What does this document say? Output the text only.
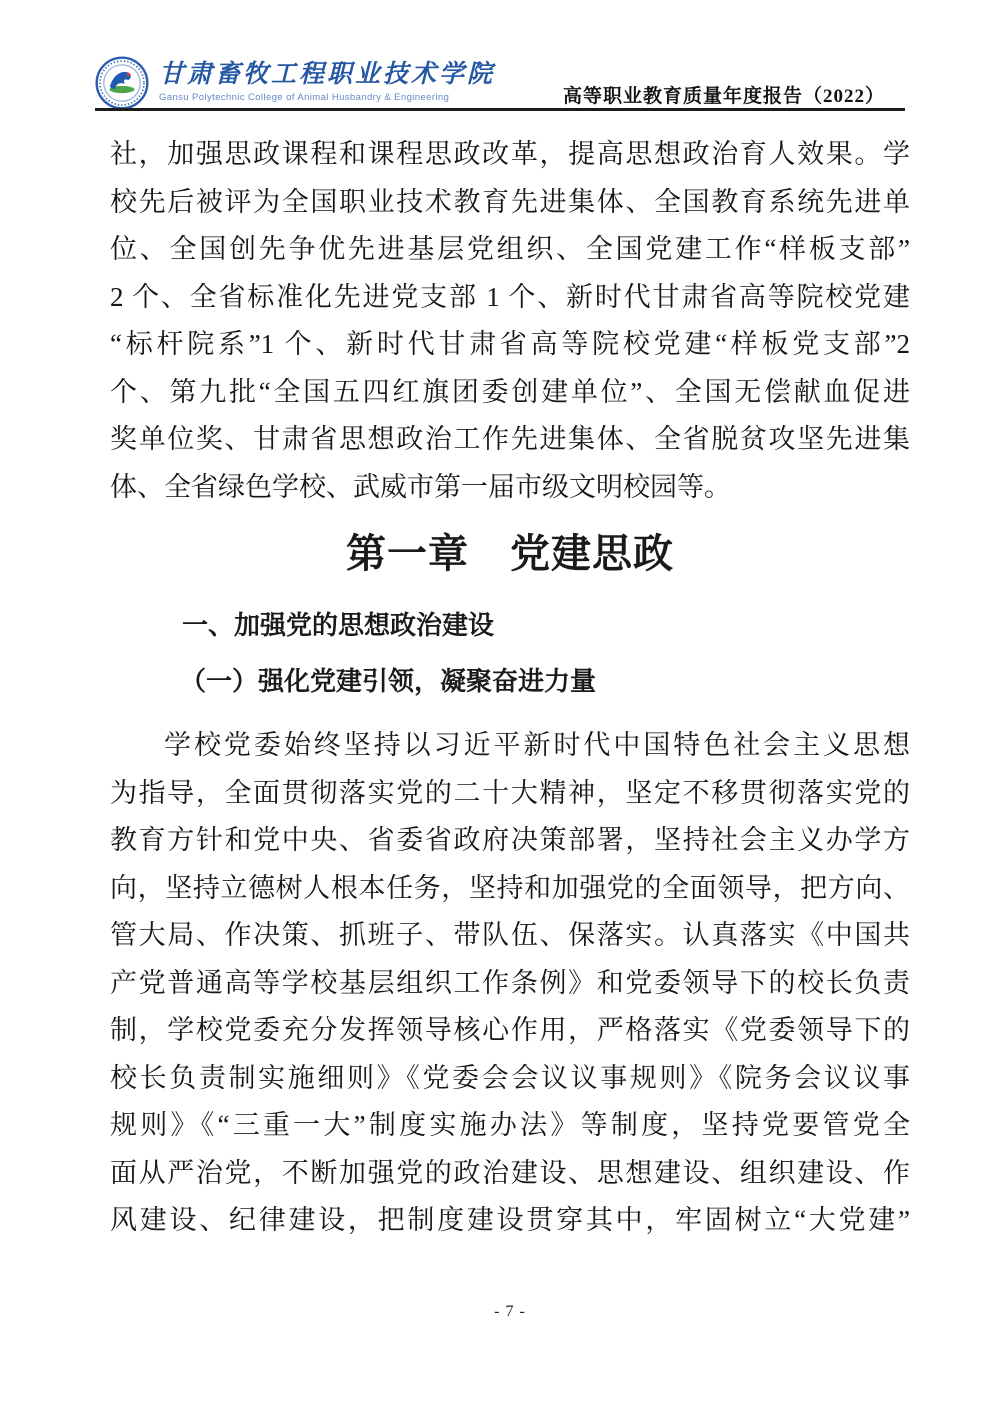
甘肃畜牧工程职业技术学院
Gansu Polytechnic College of Animal Husbandry & Engineering	高等职业教育质量年度报告（2022）
社，加强思政课程和课程思政改革，提高思想政治育人效果。学
校先后被评为全国职业技术教育先进集体、全国教育系统先进单
位、全国创先争优先进基层党组织、全国党建工作“样板支部”
2 个、全省标准化先进党支部 1 个、新时代甘肃省高等院校党建
“标杆院系”1 个、新时代甘肃省高等院校党建“样板党支部”2
个、第九批“全国五四红旗团委创建单位”、全国无偿献血促进
奖单位奖、甘肃省思想政治工作先进集体、全省脱贫攻坚先进集
体、全省绿色学校、武威市第一届市级文明校园等。
第一章　党建思政
一、加强党的思想政治建设
（一）强化党建引领，凝聚奋进力量
学校党委始终坚持以习近平新时代中国特色社会主义思想
为指导，全面贯彻落实党的二十大精神，坚定不移贯彻落实党的
教育方针和党中央、省委省政府决策部署，坚持社会主义办学方
向，坚持立德树人根本任务，坚持和加强党的全面领导，把方向、
管大局、作决策、抓班子、带队伍、保落实。认真落实《中国共
产党普通高等学校基层组织工作条例》和党委领导下的校长负责
制，学校党委充分发挥领导核心作用，严格落实《党委领导下的
校长负责制实施细则》《党委会会议议事规则》《院务会议议事
规则》《“三重一大”制度实施办法》等制度，坚持党要管党全
面从严治党，不断加强党的政治建设、思想建设、组织建设、作
风建设、纪律建设，把制度建设贯穿其中，牢固树立“大党建”
- 7 -
